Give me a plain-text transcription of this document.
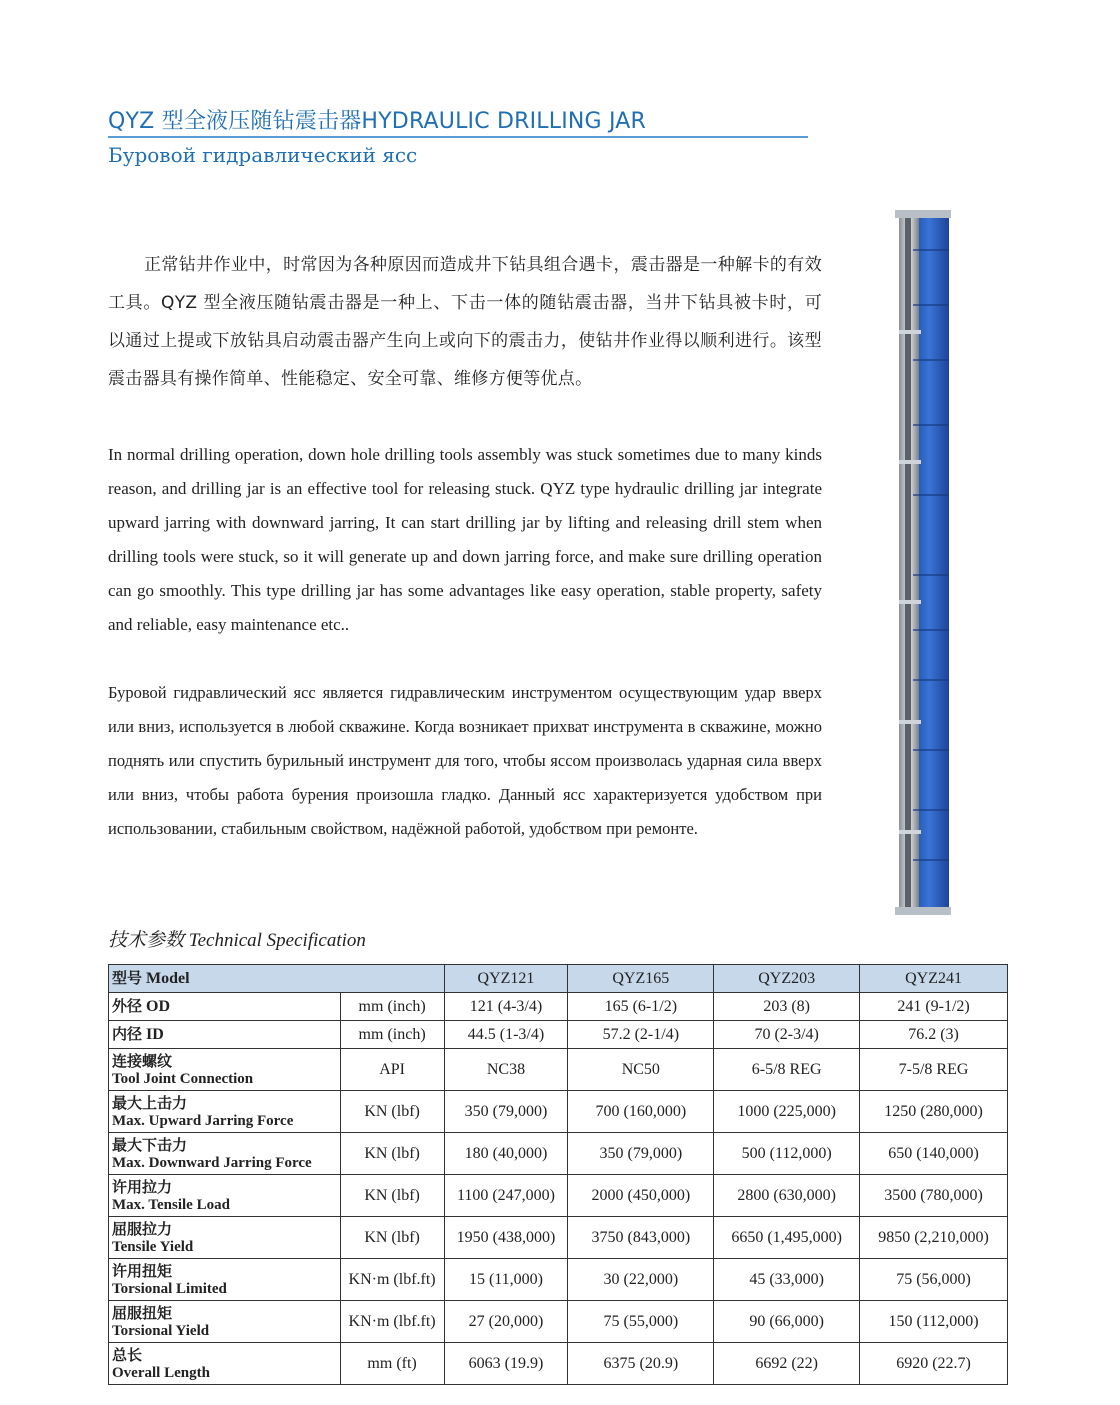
QYZ 型全液压随钻震击器HYDRAULIC DRILLING JAR
Буровой гидравлический ясс

正常钻井作业中，时常因为各种原因而造成井下钻具组合遇卡，震击器是一种解卡的有效工具。QYZ 型全液压随钻震击器是一种上、下击一体的随钻震击器，当井下钻具被卡时，可以通过上提或下放钻具启动震击器产生向上或向下的震击力，使钻井作业得以顺利进行。该型震击器具有操作简单、性能稳定、安全可靠、维修方便等优点。

In normal drilling operation, down hole drilling tools assembly was stuck sometimes due to many kinds reason, and drilling jar is an effective tool for releasing stuck. QYZ type hydraulic drilling jar integrate upward jarring with downward jarring, It can start drilling jar by lifting and releasing drill stem when drilling tools were stuck, so it will generate up and down jarring force, and make sure drilling operation can go smoothly. This type drilling jar has some advantages like easy operation, stable property, safety and reliable, easy maintenance etc..

Буровой гидравлический ясс является гидравлическим инструментом осуществующим удар вверх или вниз, используется в любой скважине. Когда возникает прихват инструмента в скважине, можно поднять или спустить бурильный инструмент для того, чтобы яссом произволась ударная сила вверх или вниз, чтобы работа бурения произошла гладко. Данный ясс характеризуется удобством при использовании, стабильным свойством, надёжной работой, удобством при ремонте.

技术参数 Technical Specification
型号 Model		QYZ121	QYZ165	QYZ203	QYZ241
外径 OD	mm (inch)	121 (4-3/4)	165 (6-1/2)	203 (8)	241 (9-1/2)
内径 ID	mm (inch)	44.5 (1-3/4)	57.2 (2-1/4)	70 (2-3/4)	76.2 (3)

连接螺纹
Tool Joint Connection	API	NC38	NC50	6-5/8 REG	7-5/8 REG

最大上击力
Max. Upward Jarring Force	KN (lbf)	350 (79,000)	700 (160,000)	1000 (225,000)	1250 (280,000)

最大下击力
Max. Downward Jarring Force	KN (lbf)	180 (40,000)	350 (79,000)	500 (112,000)	650 (140,000)

许用拉力
Max. Tensile Load	KN (lbf)	1100 (247,000)	2000 (450,000)	2800 (630,000)	3500 (780,000)

屈服拉力
Tensile Yield	KN (lbf)	1950 (438,000)	3750 (843,000)	6650 (1,495,000)	9850 (2,210,000)

许用扭矩
Torsional Limited	KN·m (lbf.ft)	15 (11,000)	30 (22,000)	45 (33,000)	75 (56,000)

屈服扭矩
Torsional Yield	KN·m (lbf.ft)	27 (20,000)	75 (55,000)	90 (66,000)	150 (112,000)

总长
Overall Length	mm (ft)	6063 (19.9)	6375 (20.9)	6692 (22)	6920 (22.7)
